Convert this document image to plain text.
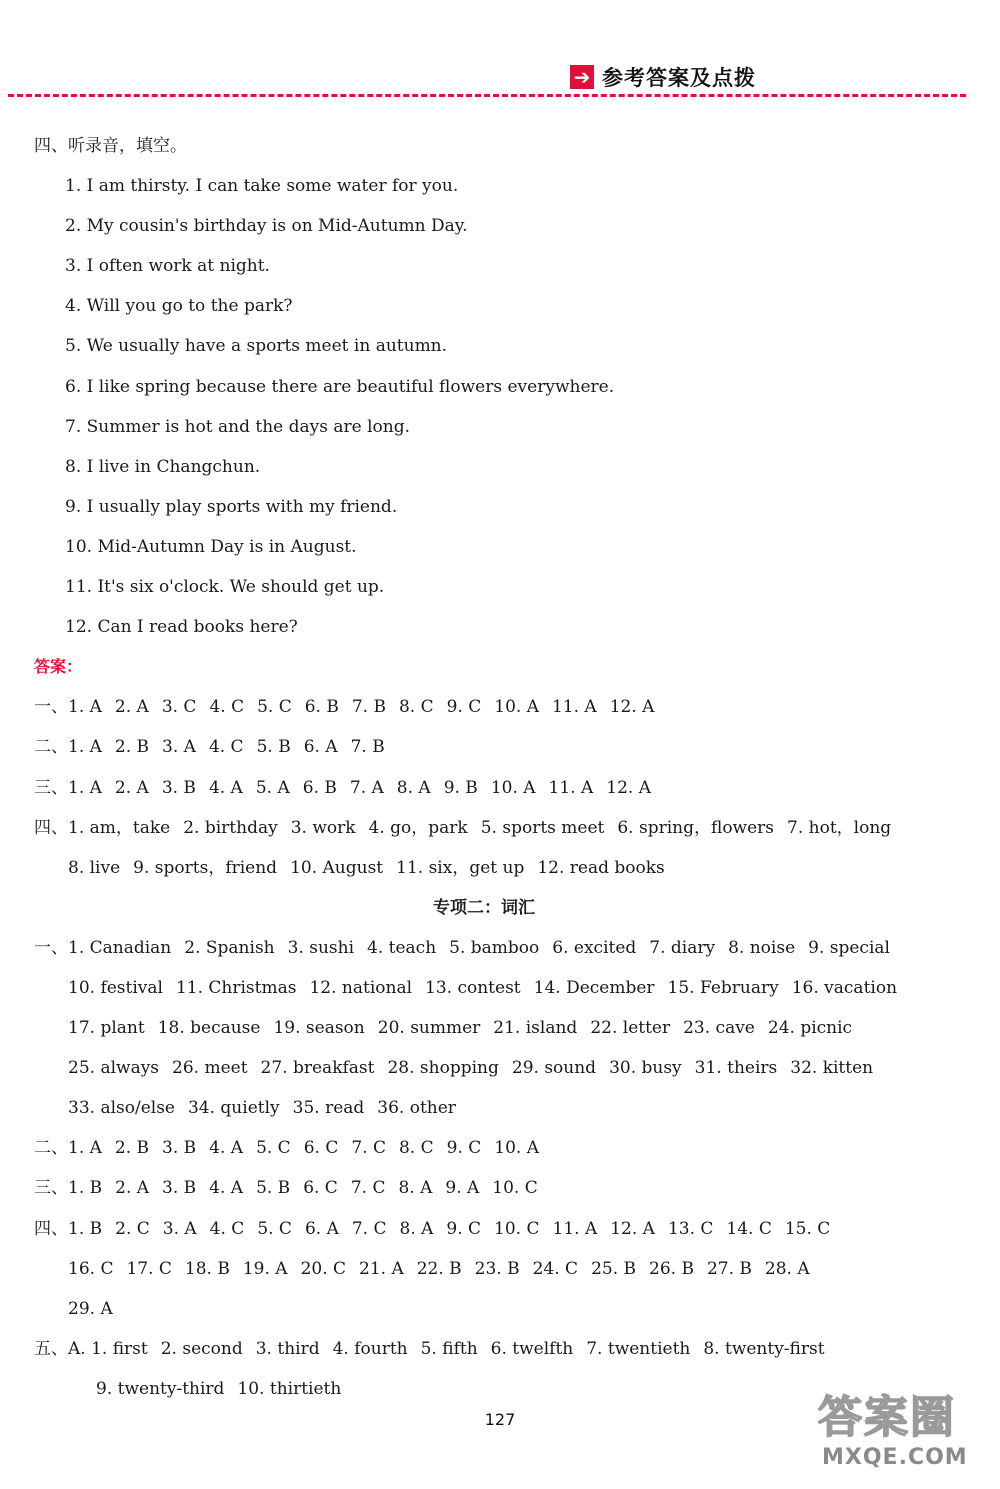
➔ 参考答案及点拨
四、听录音，填空。
1. I am thirsty. I can take some water for you.
2. My cousin's birthday is on Mid-Autumn Day.
3. I often work at night.
4. Will you go to the park?
5. We usually have a sports meet in autumn.
6. I like spring because there are beautiful flowers everywhere.
7. Summer is hot and the days are long.
8. I live in Changchun.
9. I usually play sports with my friend.
10. Mid-Autumn Day is in August.
11. It's six o'clock. We should get up.
12. Can I read books here?
答案：
一、1. A 2. A 3. C 4. C 5. C 6. B 7. B 8. C 9. C 10. A 11. A 12. A
二、1. A 2. B 3. A 4. C 5. B 6. A 7. B
三、1. A 2. A 3. B 4. A 5. A 6. B 7. A 8. A 9. B 10. A 11. A 12. A
四、1. am，take 2. birthday 3. work 4. go，park 5. sports meet 6. spring，flowers 7. hot，long
8. live 9. sports，friend 10. August 11. six，get up 12. read books
专项二：词汇
一、1. Canadian 2. Spanish 3. sushi 4. teach 5. bamboo 6. excited 7. diary 8. noise 9. special
10. festival 11. Christmas 12. national 13. contest 14. December 15. February 16. vacation
17. plant 18. because 19. season 20. summer 21. island 22. letter 23. cave 24. picnic
25. always 26. meet 27. breakfast 28. shopping 29. sound 30. busy 31. theirs 32. kitten
33. also/else 34. quietly 35. read 36. other
二、1. A 2. B 3. B 4. A 5. C 6. C 7. C 8. C 9. C 10. A
三、1. B 2. A 3. B 4. A 5. B 6. C 7. C 8. A 9. A 10. C
四、1. B 2. C 3. A 4. C 5. C 6. A 7. C 8. A 9. C 10. C 11. A 12. A 13. C 14. C 15. C
16. C 17. C 18. B 19. A 20. C 21. A 22. B 23. B 24. C 25. B 26. B 27. B 28. A
29. A
五、A. 1. first 2. second 3. third 4. fourth 5. fifth 6. twelfth 7. twentieth 8. twenty-first
9. twenty-third 10. thirtieth
127	答案圈
MXQE.COM
